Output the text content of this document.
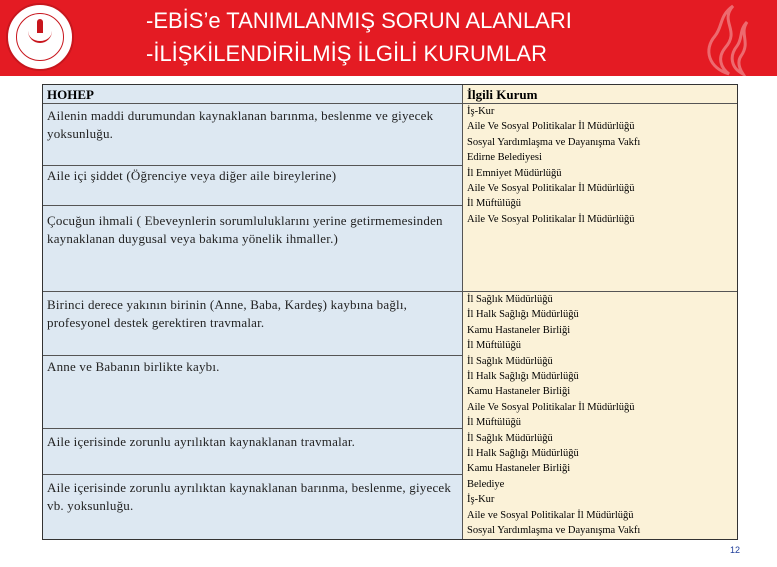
-EBİS’e TANIMLANMIŞ SORUN ALANLARI
-İLİŞKİLENDİRİLMİŞ İLGİLİ KURUMLAR
HOHEP	İlgili Kurum
Ailenin maddi durumundan kaynaklanan barınma, beslenme ve giyecek yoksunluğu.
Aile içi şiddet (Öğrenciye veya diğer aile bireylerine)
Çocuğun ihmali ( Ebeveynlerin sorumluluklarını yerine getirmemesinden kaynaklanan duygusal veya bakıma yönelik ihmaller.)
Birinci derece yakının birinin (Anne, Baba, Kardeş) kaybına bağlı, profesyonel destek gerektiren travmalar.
Anne ve Babanın birlikte kaybı.
Aile içerisinde zorunlu ayrılıktan kaynaklanan travmalar.
Aile içerisinde zorunlu ayrılıktan kaynaklanan barınma, beslenme, giyecek vb. yoksunluğu.
İş-Kur
Aile Ve Sosyal Politikalar İl Müdürlüğü
Sosyal Yardımlaşma ve Dayanışma Vakfı
Edirne Belediyesi
İl Emniyet Müdürlüğü
Aile Ve Sosyal Politikalar İl Müdürlüğü
İl Müftülüğü
Aile Ve Sosyal Politikalar İl Müdürlüğü
İl Sağlık Müdürlüğü
İl Halk Sağlığı Müdürlüğü
Kamu Hastaneler Birliği
İl Müftülüğü
İl Sağlık Müdürlüğü
İl Halk Sağlığı Müdürlüğü
Kamu Hastaneler Birliği
Aile Ve Sosyal Politikalar İl Müdürlüğü
İl Müftülüğü
İl Sağlık Müdürlüğü
İl Halk Sağlığı Müdürlüğü
Kamu Hastaneler Birliği
Belediye
İş-Kur
Aile ve Sosyal Politikalar İl Müdürlüğü
Sosyal Yardımlaşma ve Dayanışma Vakfı
12
